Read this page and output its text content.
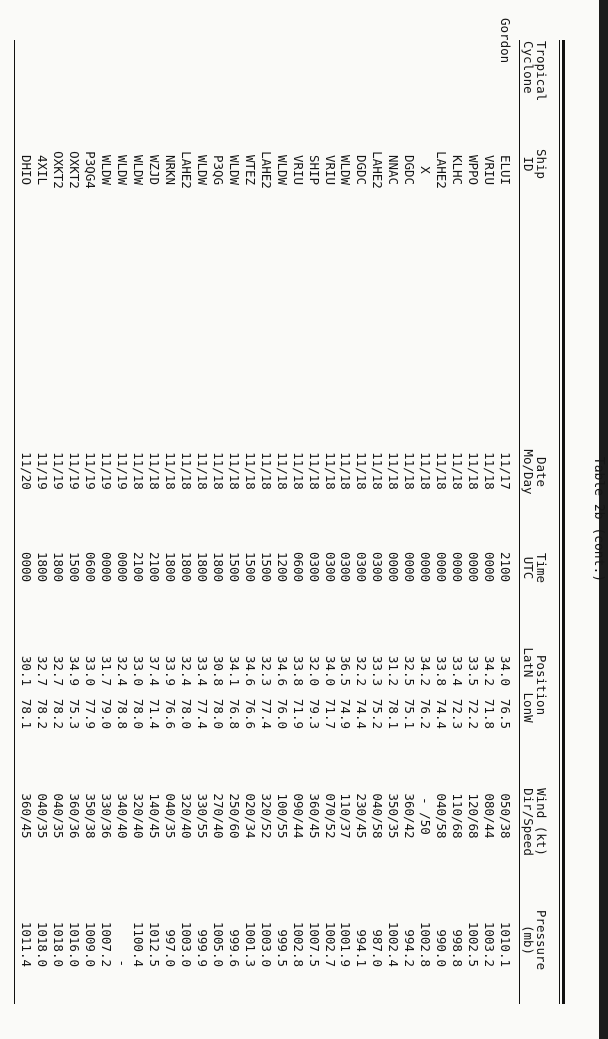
Table 2b (cont.)
Tropical
Cyclone
Ship
ID
Date
Mo/Day
Time
UTC
Position
LatN  LonW
Wind (kt)
Dir/Speed
Pressure
(mb)
Gordon
ELUI
11/17
2100
34.0
76.5
050/38
1010.1
VRIU
11/18
0000
34.2
71.8
080/44
1003.2
WPPO
11/18
0000
33.5
72.2
120/68
1002.5
KLHC
11/18
0000
33.4
72.3
110/68
998.8
LAHE2
11/18
0000
33.8
74.4
040/58
990.0
X
11/18
0000
34.2
76.2
- /50
1002.8
DGDC
11/18
0000
32.5
75.1
360/42
994.2
NNAC
11/18
0000
31.2
78.1
350/35
1002.4
LAHE2
11/18
0300
33.3
75.2
040/58
987.0
DGDC
11/18
0300
32.2
74.4
230/45
994.1
WLDW
11/18
0300
36.5
74.9
110/37
1001.9
VRIU
11/18
0300
34.0
71.7
070/52
1002.7
SHIP
11/18
0300
32.0
79.3
360/45
1007.5
VRIU
11/18
0600
33.8
71.9
090/44
1002.8
WLDW
11/18
1200
34.6
76.0
100/55
999.5
LAHE2
11/18
1500
32.3
77.4
320/52
1003.0
WTEZ
11/18
1500
34.6
76.6
020/34
1001.3
WLDW
11/18
1500
34.1
76.8
250/60
999.6
P3QG
11/18
1800
30.8
78.0
270/40
1005.0
WLDW
11/18
1800
33.4
77.4
330/55
999.9
LAHE2
11/18
1800
32.4
78.0
320/40
1003.0
NRKN
11/18
1800
33.9
76.6
040/35
997.0
WZJD
11/18
2100
37.4
71.4
140/45
1012.5
WLDW
11/18
2100
33.0
78.0
320/40
1100.4
WLDW
11/19
0000
32.4
78.8
340/40
-
WLDW
11/19
0000
31.7
79.0
330/36
1007.2
P3QG4
11/19
0600
33.0
77.9
350/38
1009.0
OXKT2
11/19
1500
34.9
75.3
360/36
1016.0
OXKT2
11/19
1800
32.7
78.2
040/35
1018.0
4XIL
11/19
1800
32.7
78.2
040/35
1018.0
DHIO
11/20
0000
30.1
78.1
360/45
1011.4
